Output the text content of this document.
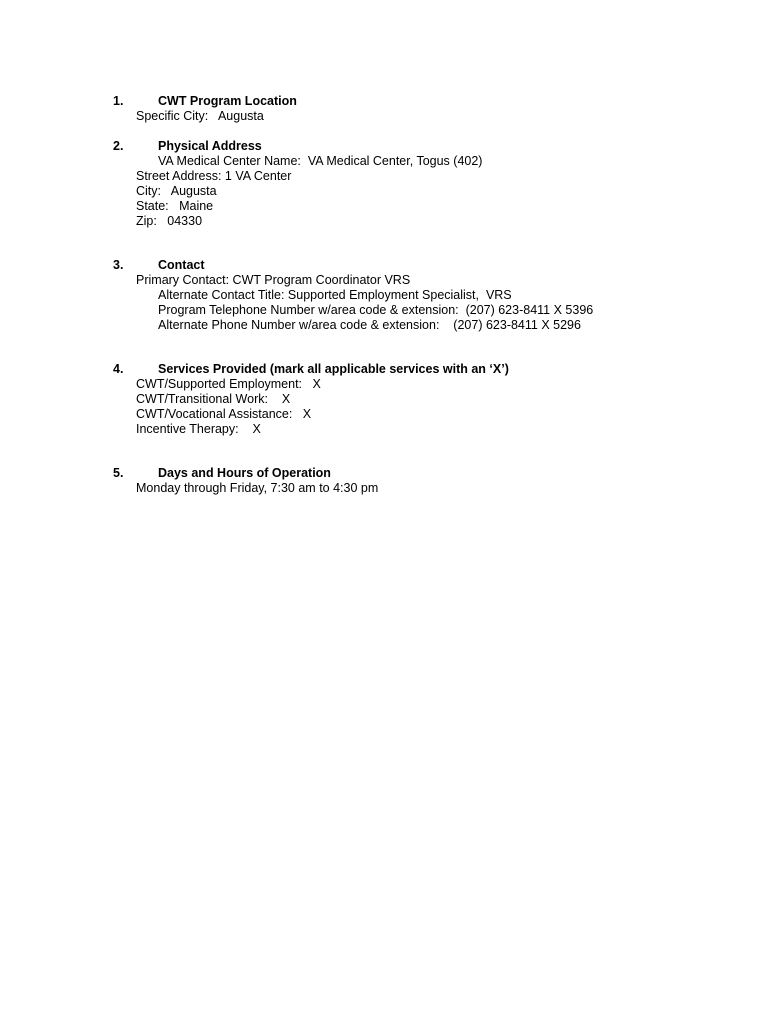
1.	CWT Program Location
Specific City:   Augusta
2.	Physical Address
VA Medical Center Name:  VA Medical Center, Togus (402)
Street Address: 1 VA Center
City:   Augusta
State:   Maine
Zip:   04330
3.	Contact
Primary Contact: CWT Program Coordinator VRS
Alternate Contact Title: Supported Employment Specialist,  VRS
Program Telephone Number w/area code & extension:  (207) 623-8411 X 5396
Alternate Phone Number w/area code & extension:    (207) 623-8411 X 5296
4.	Services Provided (mark all applicable services with an ‘X’)
CWT/Supported Employment:   X
CWT/Transitional Work:    X
CWT/Vocational Assistance:   X
Incentive Therapy:    X
5.	Days and Hours of Operation
Monday through Friday, 7:30 am to 4:30 pm
